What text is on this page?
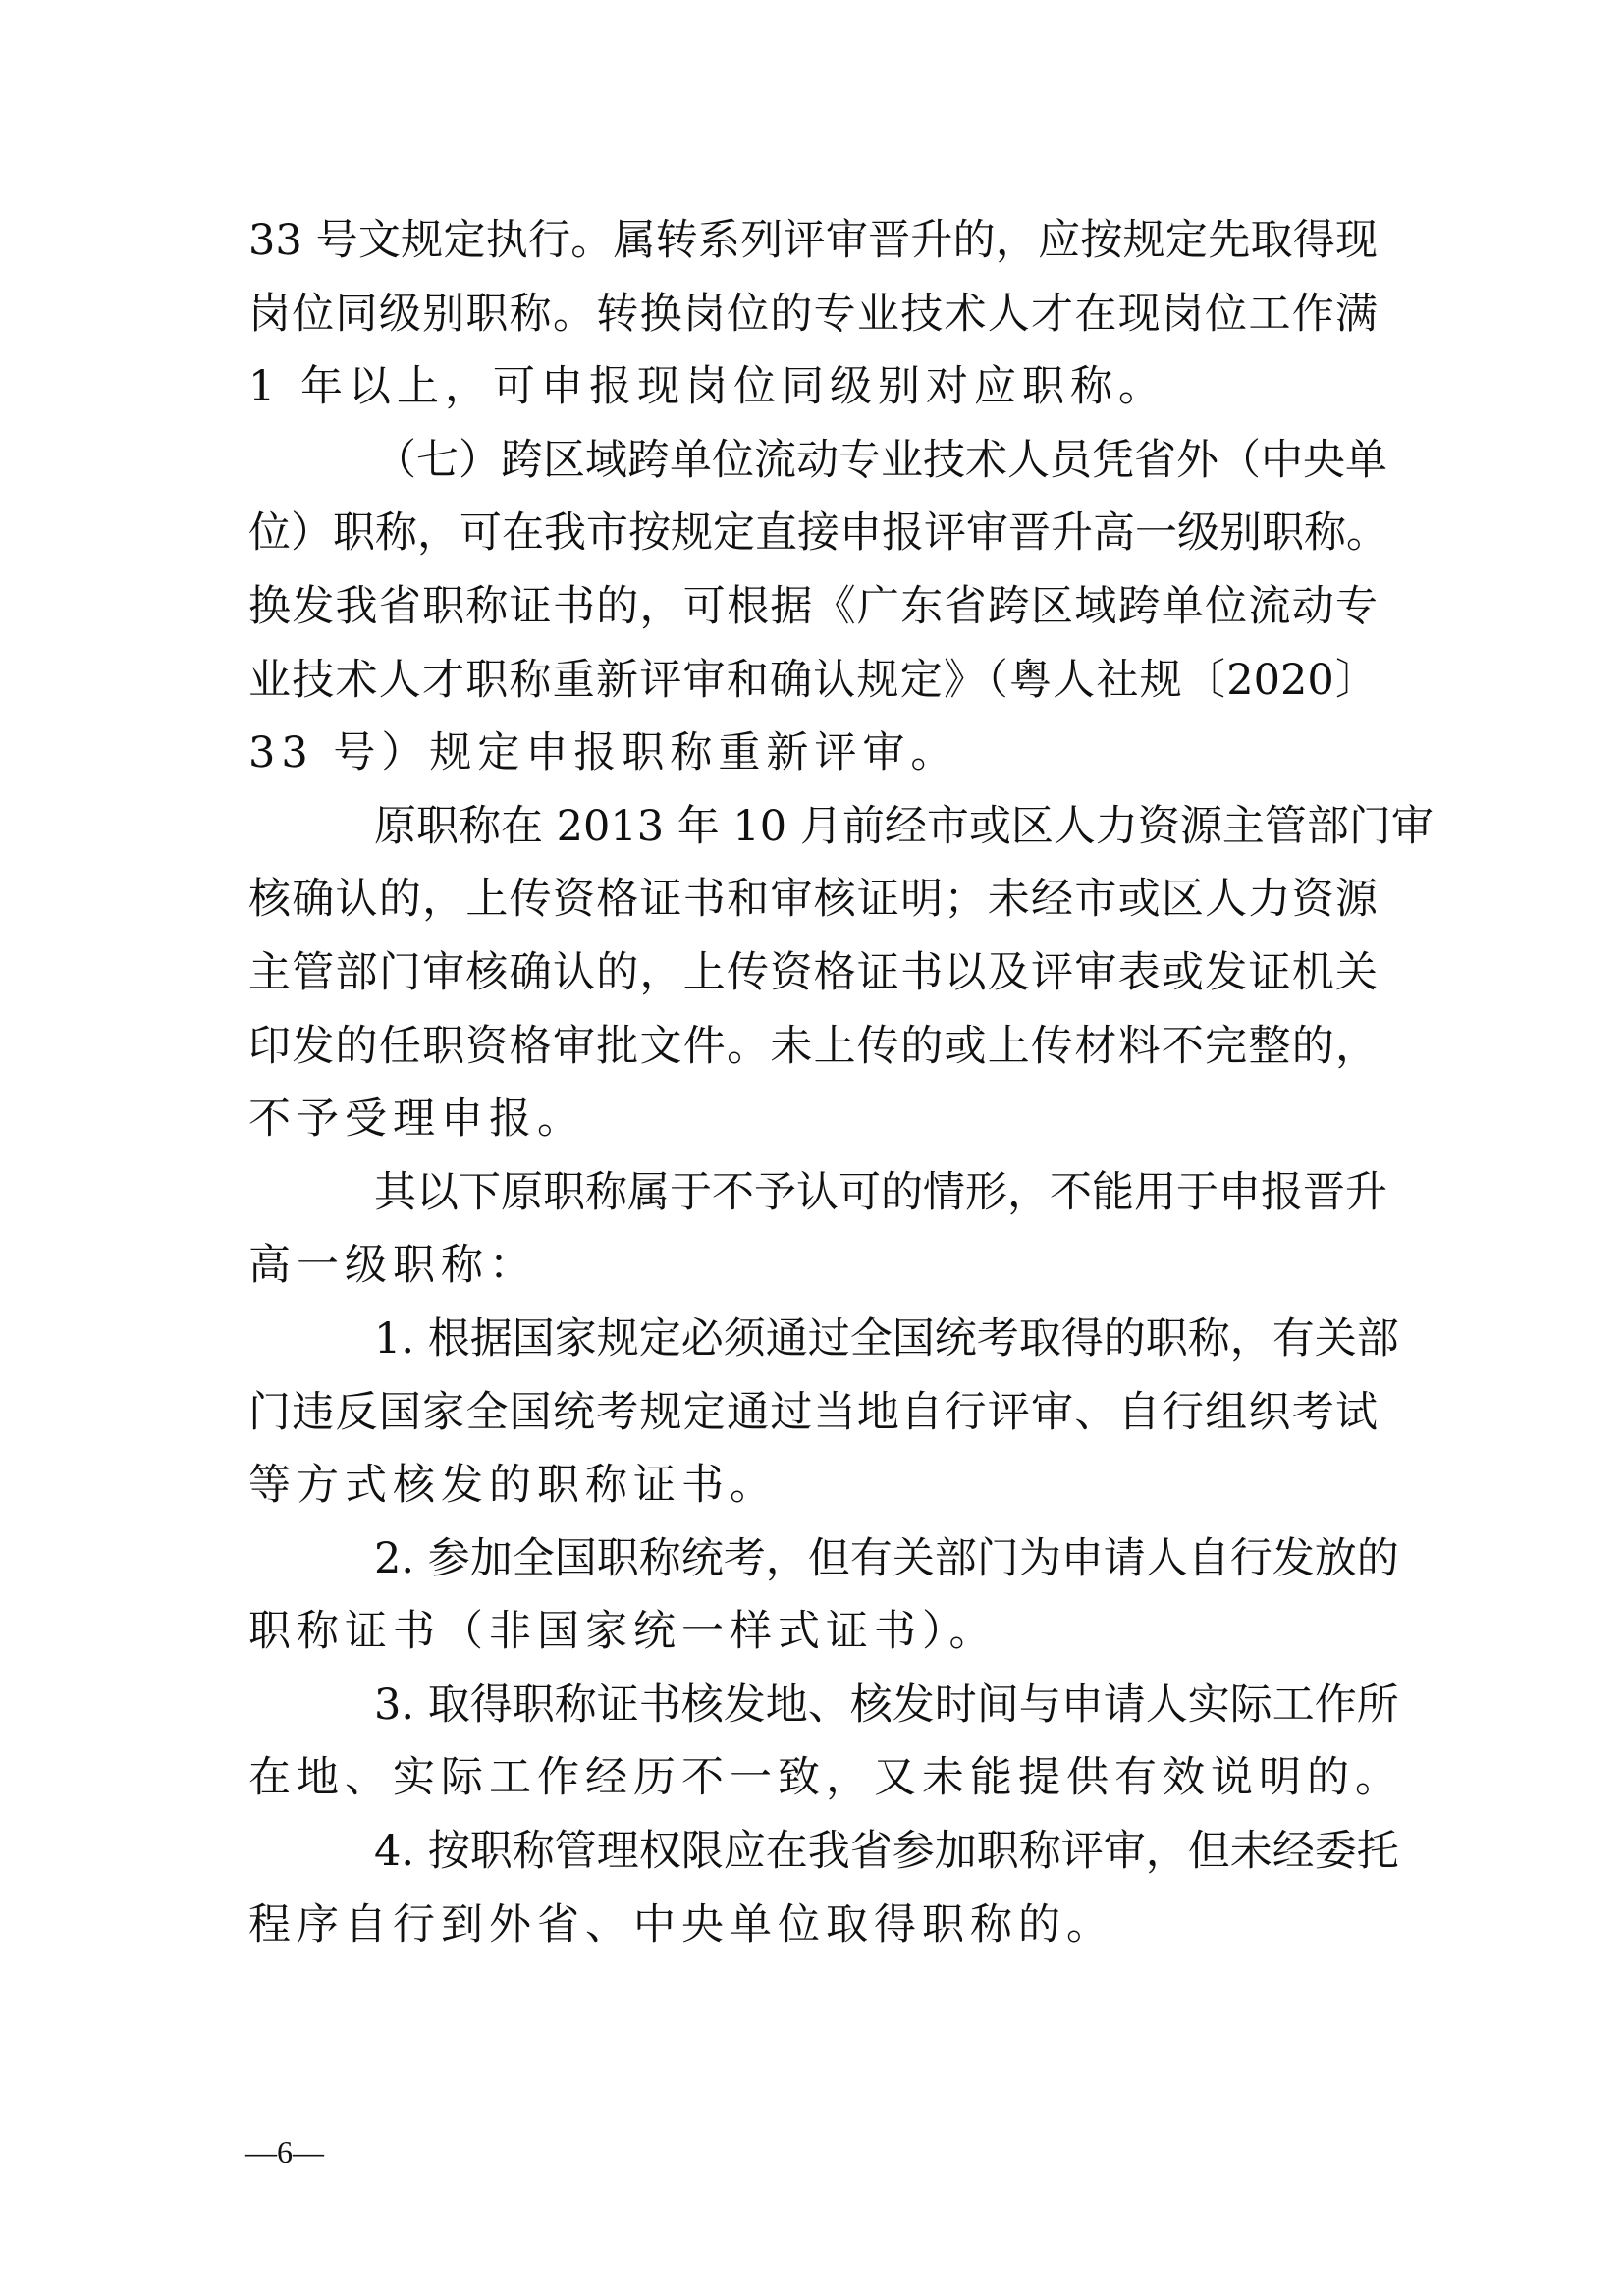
33 号文规定执行。属转系列评审晋升的，应按规定先取得现
岗位同级别职称。转换岗位的专业技术人才在现岗位工作满
1 年以上，可申报现岗位同级别对应职称。
（七）跨区域跨单位流动专业技术人员凭省外（中央单
位）职称，可在我市按规定直接申报评审晋升高一级别职称。
换发我省职称证书的，可根据《广东省跨区域跨单位流动专
业技术人才职称重新评审和确认规定》（粤人社规〔2020〕
33 号）规定申报职称重新评审。
原职称在 2013 年 10 月前经市或区人力资源主管部门审
核确认的，上传资格证书和审核证明；未经市或区人力资源
主管部门审核确认的，上传资格证书以及评审表或发证机关
印发的任职资格审批文件。未上传的或上传材料不完整的，
不予受理申报。
其以下原职称属于不予认可的情形，不能用于申报晋升
高一级职称：
1. 根据国家规定必须通过全国统考取得的职称，有关部
门违反国家全国统考规定通过当地自行评审、自行组织考试
等方式核发的职称证书。
2. 参加全国职称统考，但有关部门为申请人自行发放的
职称证书（非国家统一样式证书）。
3. 取得职称证书核发地、核发时间与申请人实际工作所
在地、实际工作经历不一致，又未能提供有效说明的。
4. 按职称管理权限应在我省参加职称评审，但未经委托
程序自行到外省、中央单位取得职称的。
—6—
